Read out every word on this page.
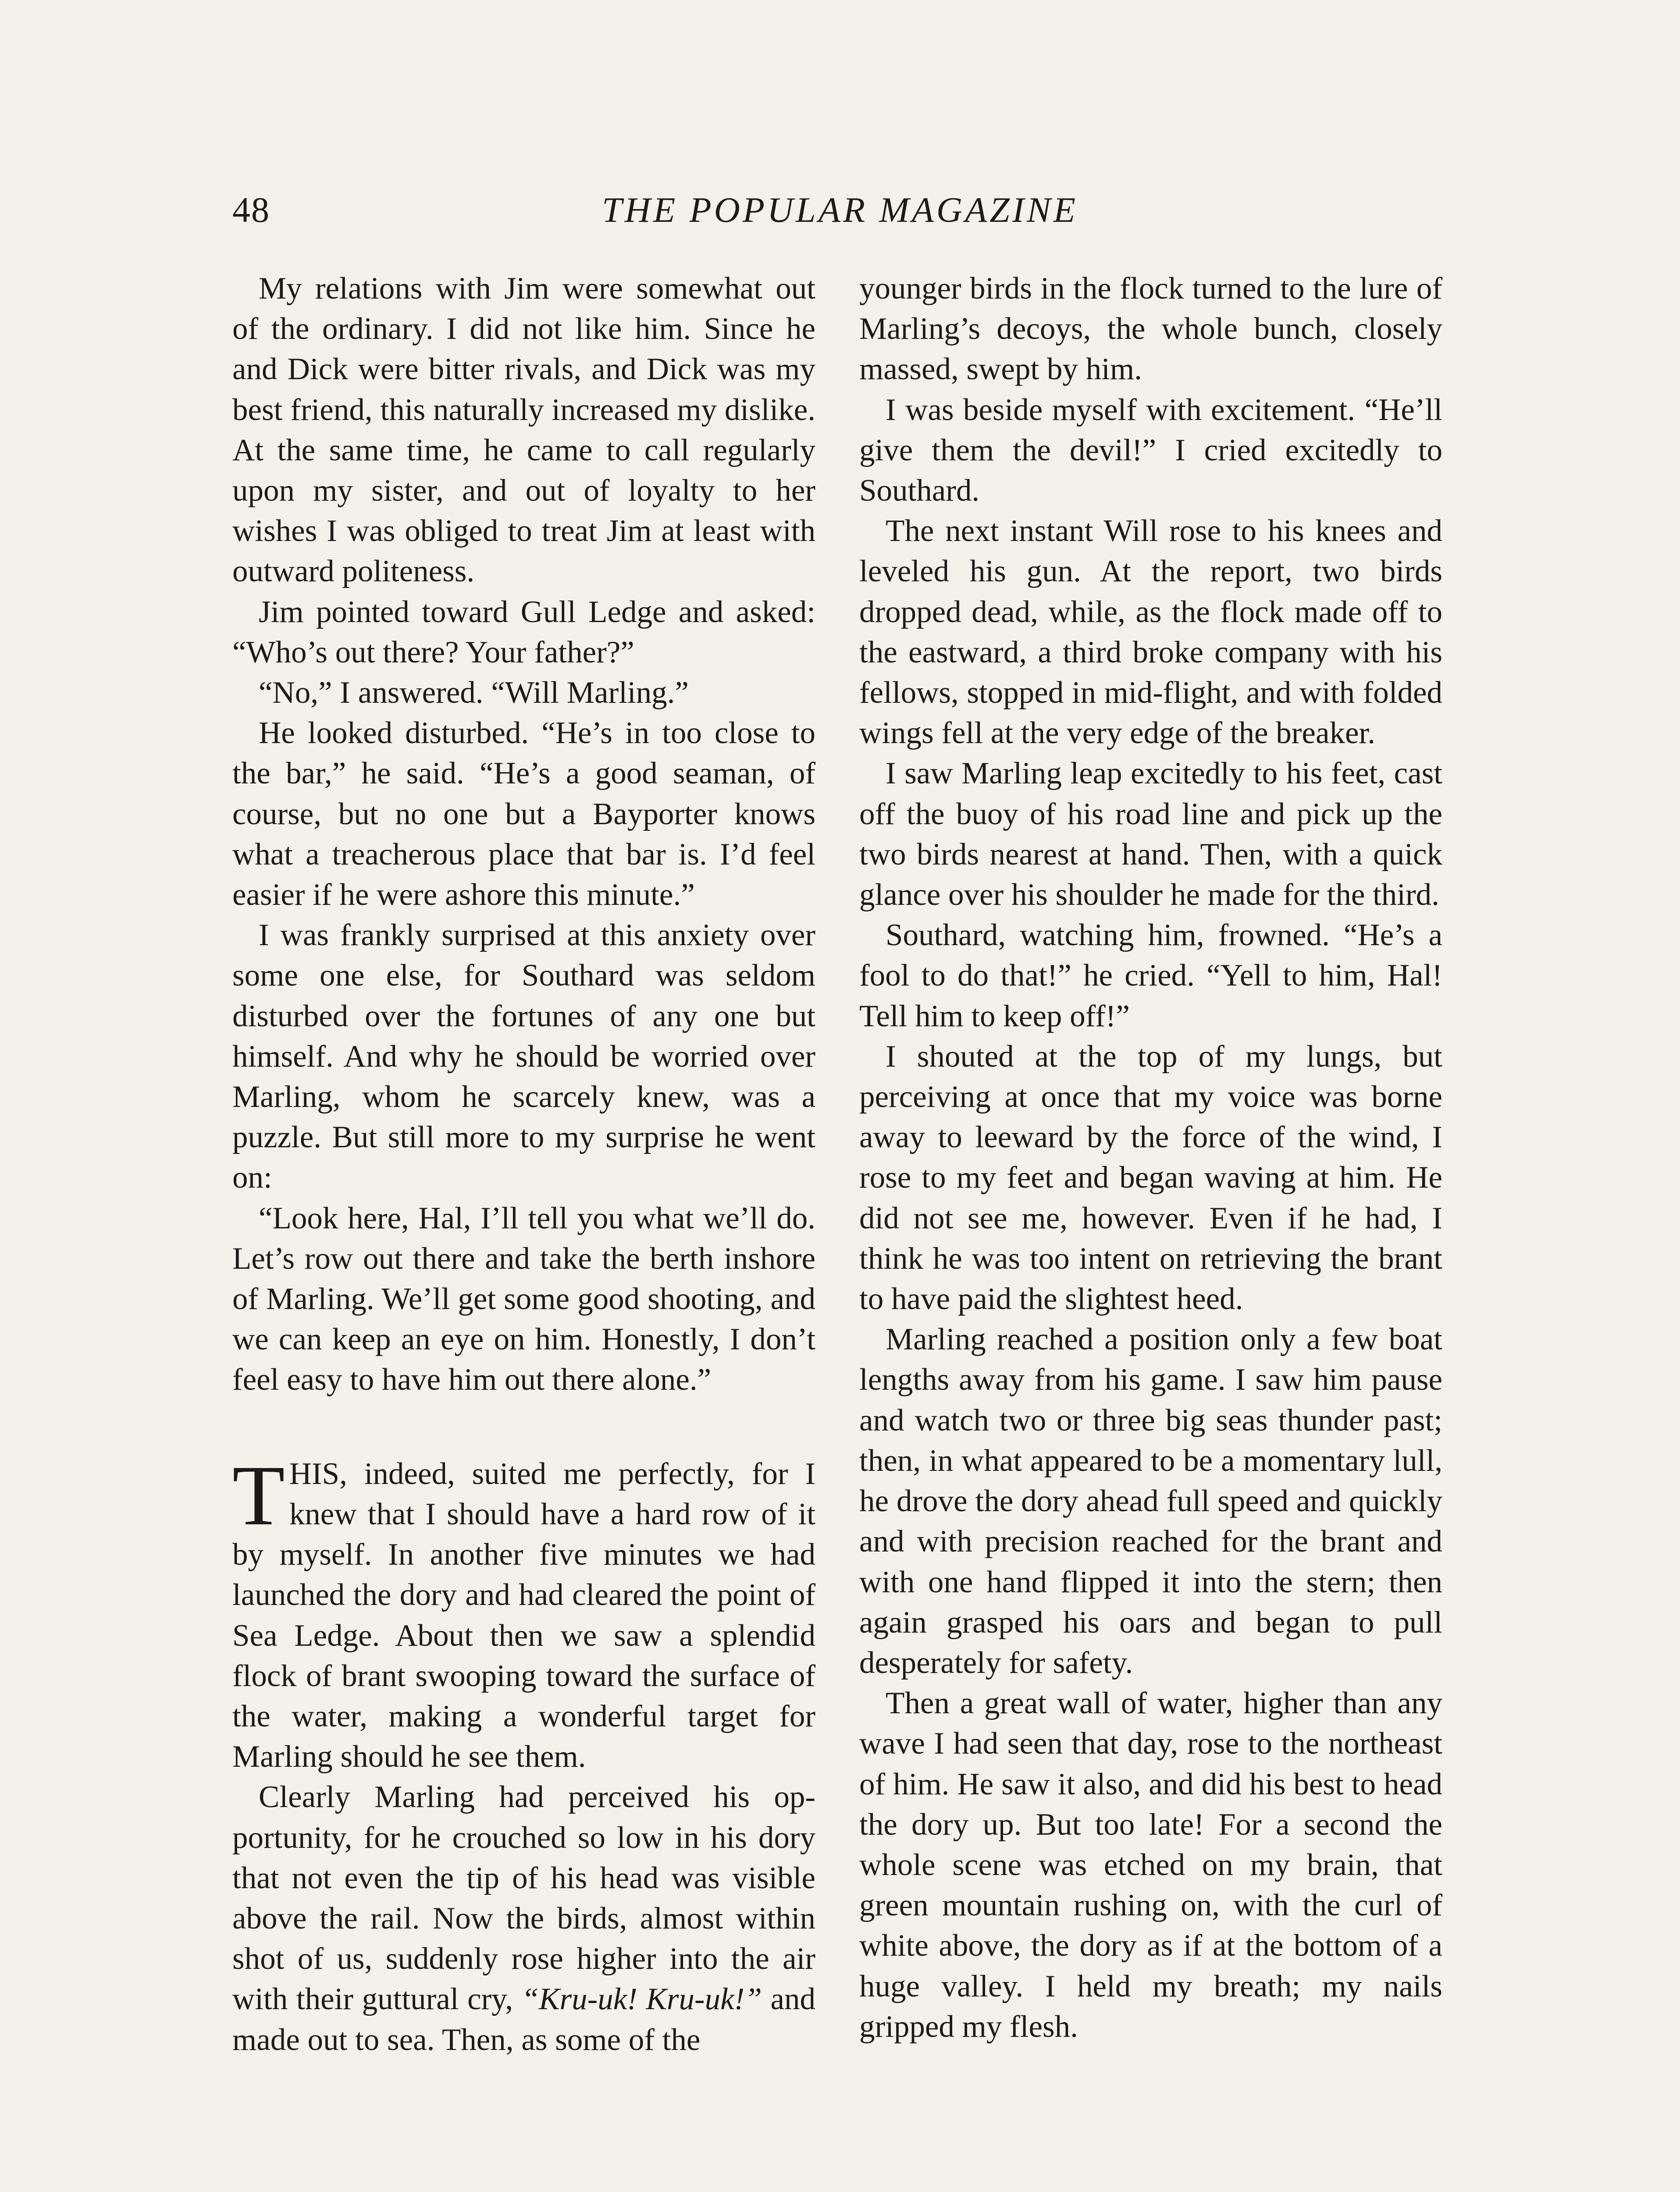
48	THE POPULAR MAGAZINE

My relations with Jim were somewhat out of the ordinary. I did not like him. Since he and Dick were bitter rivals, and Dick was my best friend, this naturally increased my dislike. At the same time, he came to call regularly upon my sister, and out of loyalty to her wishes I was obliged to treat Jim at least with outward politeness.

Jim pointed toward Gull Ledge and asked: “Who’s out there? Your father?”

“No,” I answered. “Will Marling.”

He looked disturbed. “He’s in too close to the bar,” he said. “He’s a good seaman, of course, but no one but a Bayporter knows what a treacherous place that bar is. I’d feel easier if he were ashore this minute.”

I was frankly surprised at this anxiety over some one else, for Southard was seldom disturbed over the fortunes of any one but himself. And why he should be worried over Marling, whom he scarcely knew, was a puzzle. But still more to my surprise he went on:

“Look here, Hal, I’ll tell you what we’ll do. Let’s row out there and take the berth inshore of Marling. We’ll get some good shooting, and we can keep an eye on him. Honestly, I don’t feel easy to have him out there alone.”

THIS, indeed, suited me perfectly, for I knew that I should have a hard row of it by myself. In another five minutes we had launched the dory and had cleared the point of Sea Ledge. About then we saw a splendid flock of brant swooping toward the surface of the water, making a wonderful target for Marling should he see them.

Clearly Marling had perceived his opportunity, for he crouched so low in his dory that not even the tip of his head was visible above the rail. Now the birds, almost within shot of us, suddenly rose higher into the air with their guttural cry, “Kru-uk! Kru-uk!” and made out to sea. Then, as some of the

younger birds in the flock turned to the lure of Marling’s decoys, the whole bunch, closely massed, swept by him.

I was beside myself with excitement. “He’ll give them the devil!” I cried excitedly to Southard.

The next instant Will rose to his knees and leveled his gun. At the report, two birds dropped dead, while, as the flock made off to the eastward, a third broke company with his fellows, stopped in mid-flight, and with folded wings fell at the very edge of the breaker.

I saw Marling leap excitedly to his feet, cast off the buoy of his road line and pick up the two birds nearest at hand. Then, with a quick glance over his shoulder he made for the third.

Southard, watching him, frowned. “He’s a fool to do that!” he cried. “Yell to him, Hal! Tell him to keep off!”

I shouted at the top of my lungs, but perceiving at once that my voice was borne away to leeward by the force of the wind, I rose to my feet and began waving at him. He did not see me, however. Even if he had, I think he was too intent on retrieving the brant to have paid the slightest heed.

Marling reached a position only a few boat lengths away from his game. I saw him pause and watch two or three big seas thunder past; then, in what appeared to be a momentary lull, he drove the dory ahead full speed and quickly and with precision reached for the brant and with one hand flipped it into the stern; then again grasped his oars and began to pull desperately for safety.

Then a great wall of water, higher than any wave I had seen that day, rose to the northeast of him. He saw it also, and did his best to head the dory up. But too late! For a second the whole scene was etched on my brain, that green mountain rushing on, with the curl of white above, the dory as if at the bottom of a huge valley. I held my breath; my nails gripped my flesh.
